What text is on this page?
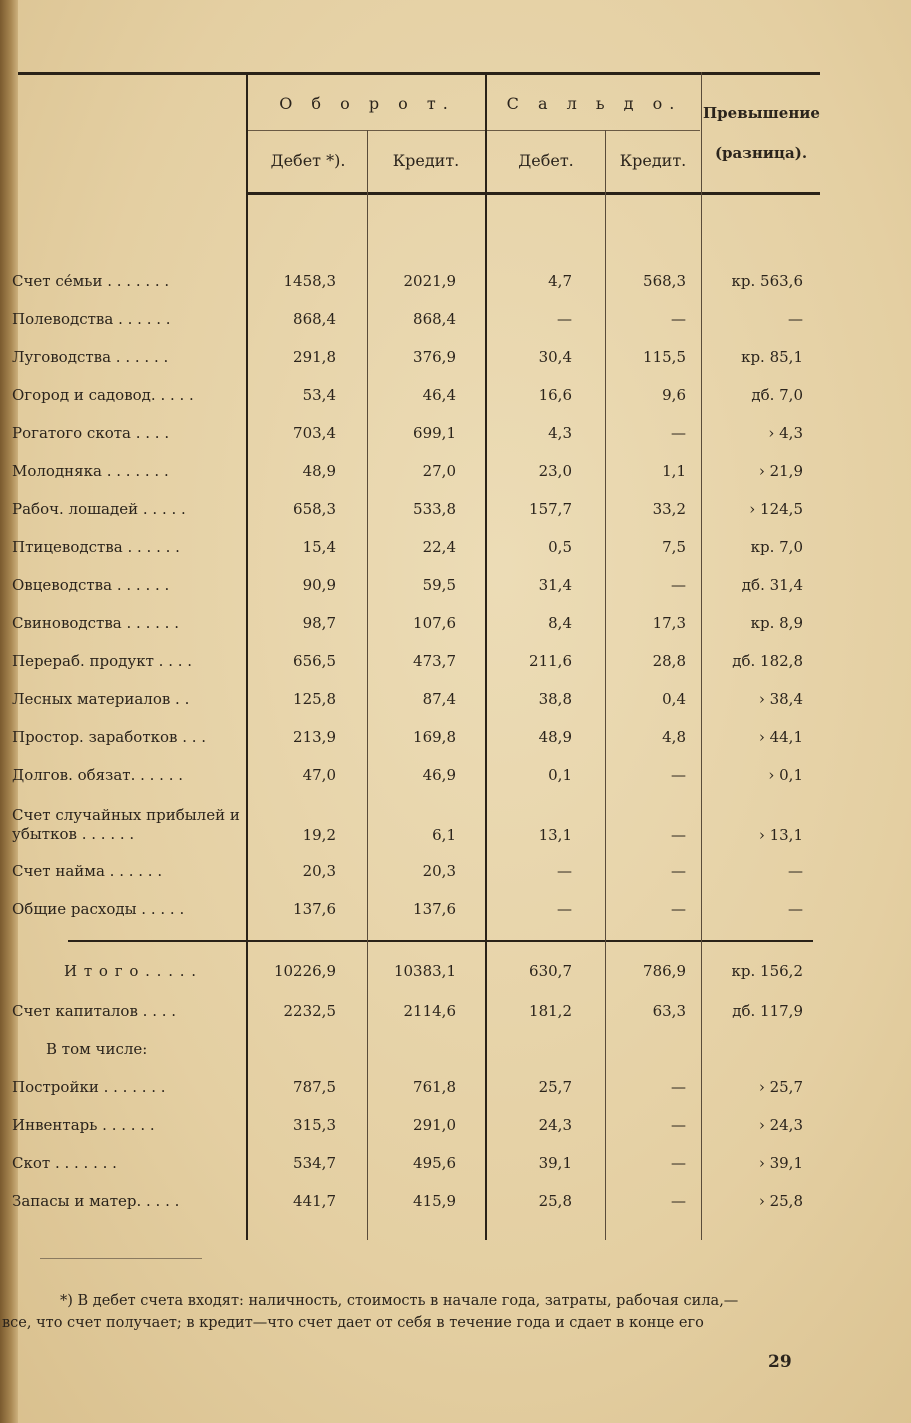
О б о р о т.	С а л ь д о.	Превышение
(разница).
Дебет *).	Кредит.	Дебет.	Кредит.
Счет се́мьи . . . . . . .	1458,3	2021,9	4,7	568,3	кр. 563,6
Полеводства . . . . . .	868,4	868,4	—	—	—
Луговодства . . . . . .	291,8	376,9	30,4	115,5	кр. 85,1
Огород и садовод. . . . .	53,4	46,4	16,6	9,6	дб. 7,0
Рогатого скота . . . .	703,4	699,1	4,3	—	› 4,3
Молодняка . . . . . . .	48,9	27,0	23,0	1,1	› 21,9
Рабоч. лошадей . . . . .	658,3	533,8	157,7	33,2	› 124,5
Птицеводства . . . . . .	15,4	22,4	0,5	7,5	кр. 7,0
Овцеводства . . . . . .	90,9	59,5	31,4	—	дб. 31,4
Свиноводства . . . . . .	98,7	107,6	8,4	17,3	кр. 8,9
Перераб. продукт . . . .	656,5	473,7	211,6	28,8	дб. 182,8
Лесных материалов . .	125,8	87,4	38,8	0,4	› 38,4
Простор. заработков . . .	213,9	169,8	48,9	4,8	› 44,1
Долгов. обязат. . . . . .	47,0	46,9	0,1	—	› 0,1
Счет случайных прибылей и убытков . . . . . .	19,2	6,1	13,1	—	› 13,1
Счет найма . . . . . .	20,3	20,3	—	—	—
Общие расходы . . . . .	137,6	137,6	—	—	—
И т о г о . . . . .	10226,9	10383,1	630,7	786,9	кр. 156,2
Счет капиталов . . . .	2232,5	2114,6	181,2	63,3	дб. 117,9
В том числе:
Постройки . . . . . . .	787,5	761,8	25,7	—	› 25,7
Инвентарь . . . . . .	315,3	291,0	24,3	—	› 24,3
Скот . . . . . . .	534,7	495,6	39,1	—	› 39,1
Запасы и матер. . . . .	441,7	415,9	25,8	—	› 25,8
*) В дебет счета входят: наличность, стоимость в начале года, затраты, рабочая сила,—
все, что счет получает; в кредит—что счет дает от себя в течение года и сдает в конце его
29
